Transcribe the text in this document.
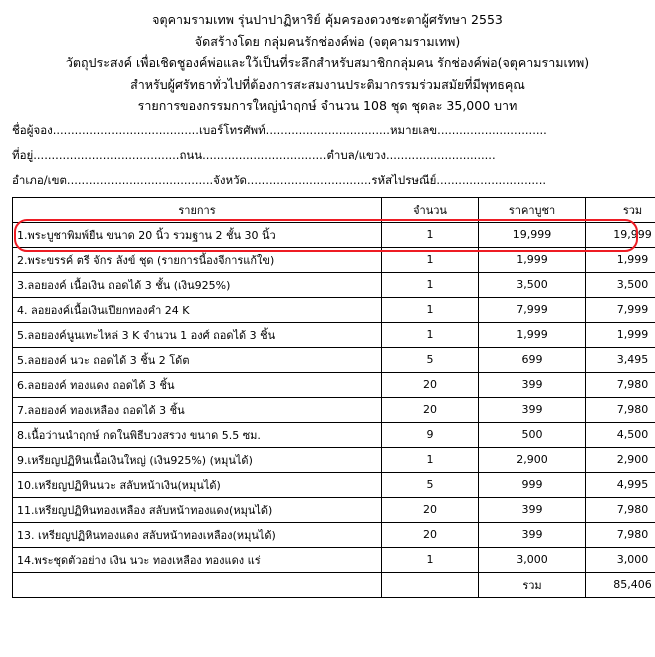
จตุคามรามเทพ รุ่นปาปาฏิหาริย์ คุ้มครองดวงชะตาผู้ศรัทษา 2553
จัดสร้างโดย กลุ่มคนรักช่องค์พ่อ (จตุคามรามเทพ)
วัตถุประสงค์ เพื่อเชิดชูองค์พ่อและใว้เป็นที่ระลึกสำหรับสมาชิกกลุ่มคน รักช่องค์พ่อ(จตุคามรามเทพ)
สำหรับผู้ศรัทธาทั่วไปที่ต้องการสะสมงานประติมากรรมร่วมสมัยที่มีพุทธคุณ
รายการของกรรมการใหญ่นำฤกษ์ จำนวน 108 ชุด ชุดละ 35,000 บาท
ชื่อผู้จอง ........................................ เบอร์โทรศัพท์ .................................. หมายเลข ..............................
ที่อยู่ ........................................ ถนน .................................. ตำบล/แขวง ..............................
อำเภอ/เขต ........................................ จังหวัด .................................. รหัสไปรษณีย์ ..............................
รายการ	จำนวน	ราคาบูชา	รวม
1.พระบูชาพิมพ์ยืน ขนาด 20 นิ้ว รวมฐาน 2 ชั้น 30 นิ้ว	1	19,999	19,999
2.พระขรรค์ ตรี จักร ลังข์ ชุด (รายการนี้องจีการแก้ใข)	1	1,999	1,999
3.ลอยองค์ เนื้อเงิน ถอดได้ 3 ชั้น (เงิน925%)	1	3,500	3,500
4. ลอยองค์เนื้อเงินเปียกทองคำ 24 K	1	7,999	7,999
5.ลอยองค์นูนเทะไหล่ 3 K จำนวน 1 องศ์ ถอดได้ 3 ชิ้น	1	1,999	1,999
5.ลอยองค์ นวะ ถอดได้ 3 ชิ้น 2 โด้ต	5	699	3,495
6.ลอยองค์ ทองแดง ถอดได้ 3 ชิ้น	20	399	7,980
7.ลอยองค์ ทองเหลือง ถอดได้ 3 ชิ้น	20	399	7,980
8.เนื้อว่านนำฤกษ์ กดในพิธีบวงสรวง ขนาด 5.5 ซม.	9	500	4,500
9.เหรียญปฏิหินเนื้อเงินใหญ่ (เงิน925%) (หมุนได้)	1	2,900	2,900
10.เหรียญปฏิหินนวะ สลับหน้าเงิน(หมุนได้)	5	999	4,995
11.เหรียญปฏิหินทองเหลือง สลับหน้าทองแดง(หมุนได้)	20	399	7,980
13. เหรียญปฏิหินทองแดง สลับหน้าทองเหลือง(หมุนได้)	20	399	7,980
14.พระชุดตัวอย่าง เงิน นวะ ทองเหลือง ทองแดง แร่	1	3,000	3,000
		รวม	85,406
